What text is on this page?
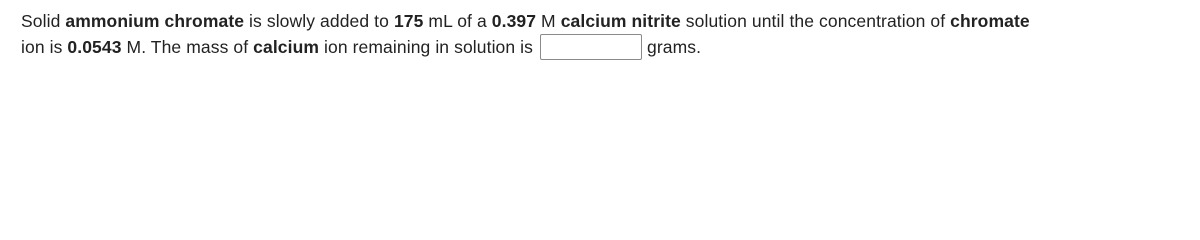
Solid ammonium chromate is slowly added to 175 mL of a 0.397 M calcium nitrite solution until the concentration of chromate
ion is 0.0543 M. The mass of calcium ion remaining in solution is	grams.
